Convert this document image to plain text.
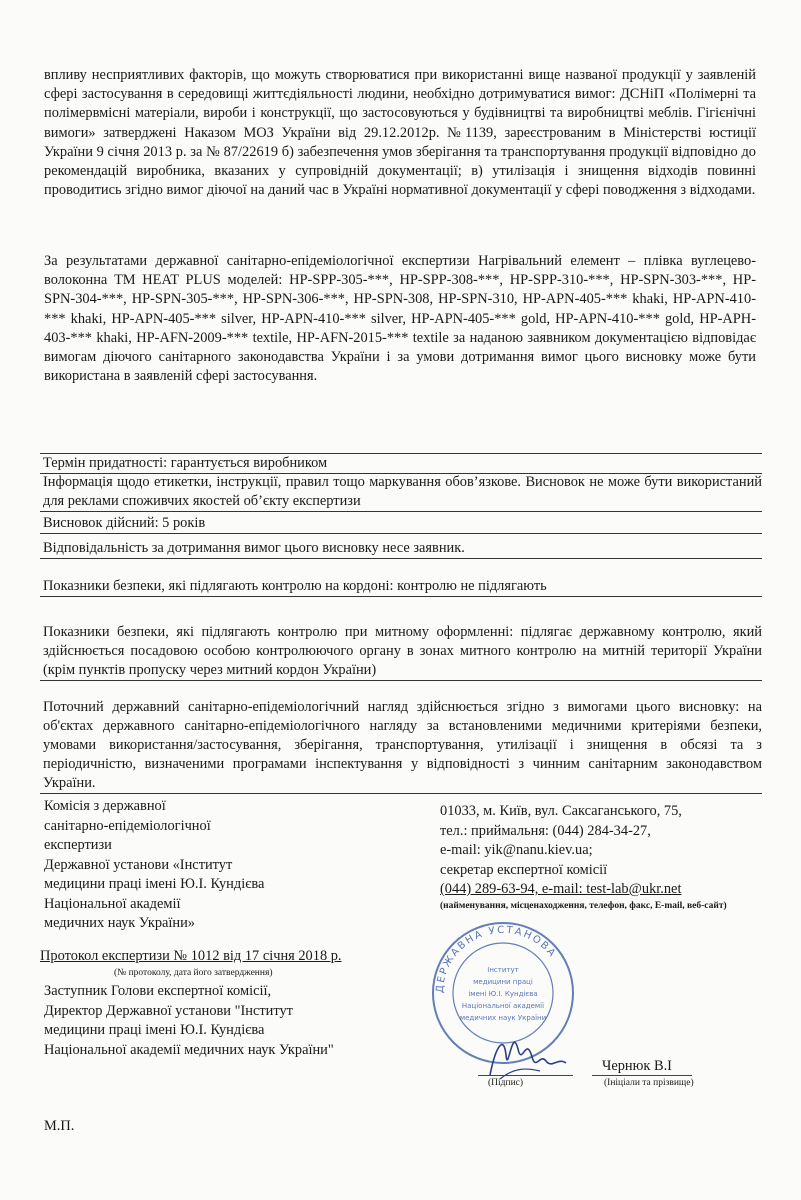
впливу несприятливих факторів, що можуть створюватися при використанні вище названої продукції у заявленій сфері застосування в середовищі життєдіяльності людини, необхідно дотримуватися вимог: ДСНіП «Полімерні та полімервмісні матеріали, вироби і конструкції, що застосовуються у будівництві та виробництві меблів. Гігієнічні вимоги» затверджені Наказом МОЗ України від 29.12.2012р. №1139, зареєстрованим в Міністерстві юстиції України 9 січня 2013 р. за № 87/22619 б) забезпечення умов зберігання та транспортування продукції відповідно до рекомендацій виробника, вказаних у супровідній документації; в) утилізація і знищення відходів повинні проводитись згідно вимог діючої на даний час в Україні нормативної документації у сфері поводження з відходами.
За результатами державної санітарно-епідеміологічної експертизи Нагрівальний елемент – плівка вуглецево-волоконна ТМ HEAT PLUS моделей: HP-SPP-305-***, HP-SPP-308-***, HP-SPP-310-***, HP-SPN-303-***, HP-SPN-304-***, HP-SPN-305-***, HP-SPN-306-***, HP-SPN-308, HP-SPN-310, HP-APN-405-*** khaki, HP-APN-410-*** khaki, HP-APN-405-*** silver, HP-APN-410-*** silver, HP-APN-405-*** gold, HP-APN-410-*** gold, HP-APH-403-*** khaki, HP-AFN-2009-*** textile, HP-AFN-2015-*** textile за наданою заявником документацією відповідає вимогам діючого санітарного законодавства України і за умови дотримання вимог цього висновку може бути використана в заявленій сфері застосування.
Термін придатності: гарантується виробником
Інформація щодо етикетки, інструкції, правил тощо маркування обов’язкове. Висновок не може бути використаний для реклами споживчих якостей об’єкту експертизи
Висновок дійсний: 5 років
Відповідальність за дотримання вимог цього висновку несе заявник.
Показники безпеки, які підлягають контролю на кордоні: контролю не підлягають
Показники безпеки, які підлягають контролю при митному оформленні: підлягає державному контролю, який здійснюється посадовою особою контролюючого органу в зонах митного контролю на митній території України (крім пунктів пропуску через митний кордон України)
Поточний державний санітарно-епідеміологічний нагляд здійснюється згідно з вимогами цього висновку: на об'єктах державного санітарно-епідеміологічного нагляду за встановленими медичними критеріями безпеки, умовами використання/застосування, зберігання, транспортування, утилізації і знищення в обсязі та з періодичністю, визначеними програмами інспектування у відповідності з чинним санітарним законодавством України.
Комісія з державної
санітарно-епідеміологічної
експертизи
Державної установи «Інститут
медицини праці імені Ю.І. Кундієва
Національної академії
медичних наук України»
01033, м. Київ, вул. Саксаганського, 75,
тел.: приймальня: (044) 284-34-27,
e-mail: yik@nanu.kiev.ua;
секретар експертної комісії
(044) 289-63-94, e-mail: test-lab@ukr.net
(найменування, місценаходження, телефон, факс, E-mail, веб-сайт)
Протокол експертизи № 1012 від 17 січня 2018 р.
(№ протоколу, дата його затвердження)
Заступник Голови експертної комісії,
Директор Державної установи "Інститут
медицини праці імені Ю.І. Кундієва
Національної академії медичних наук України"
ДЕРЖАВНА УСТАНОВА
Інститут
медицини праці
імені Ю.І. Кундієва
Національної академії
медичних наук України
(Підпис)
Чернюк В.І
(Ініціали та прізвище)
М.П.
